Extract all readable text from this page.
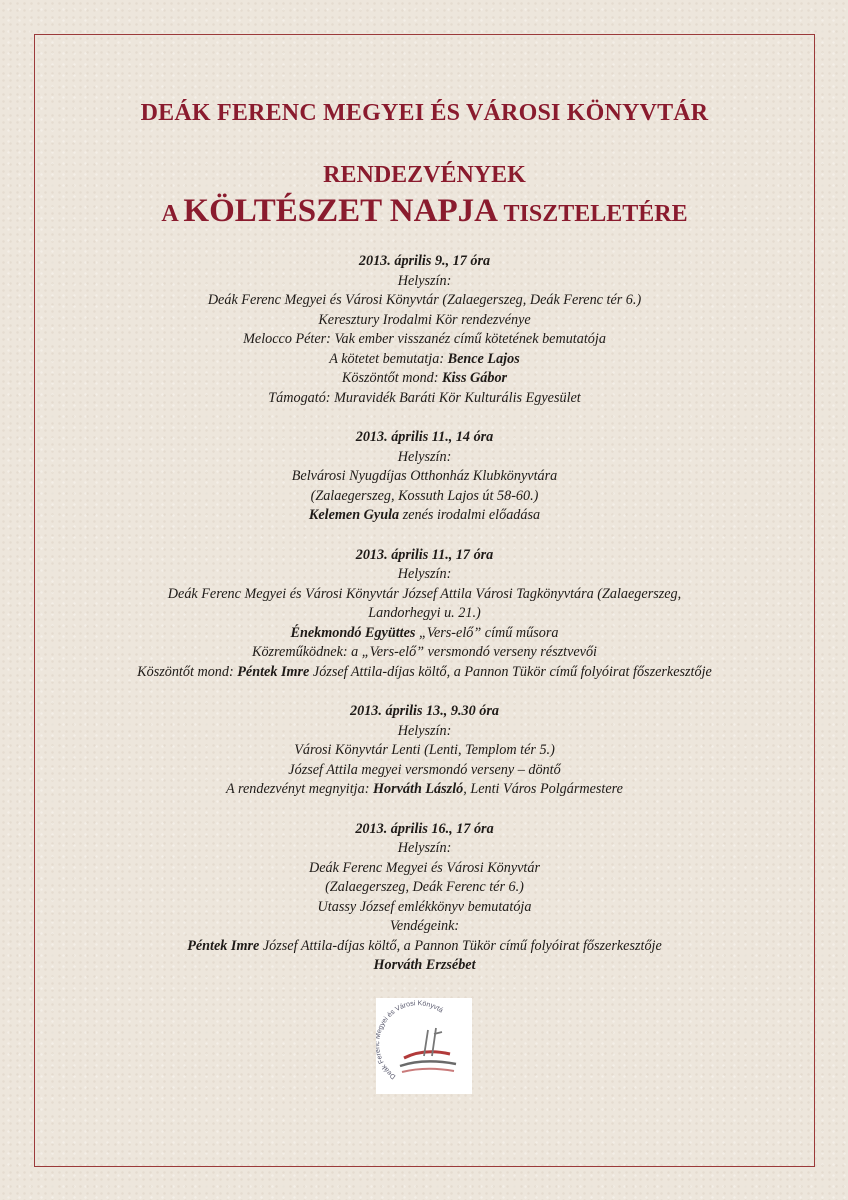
DEÁK FERENC MEGYEI ÉS VÁROSI KÖNYVTÁR
RENDEZVÉNYEK
A KÖLTÉSZET NAPJA TISZTELETÉRE
2013. április 9., 17 óra
Helyszín:
Deák Ferenc Megyei és Városi Könyvtár (Zalaegerszeg, Deák Ferenc tér 6.)
Keresztury Irodalmi Kör rendezvénye
Melocco Péter: Vak ember visszanéz című kötetének bemutatója
A kötetet bemutatja: Bence Lajos
Köszöntőt mond: Kiss Gábor
Támogató: Muravidék Baráti Kör Kulturális Egyesület
2013. április 11., 14 óra
Helyszín:
Belvárosi Nyugdíjas Otthonház Klubkönyvtára
(Zalaegerszeg, Kossuth Lajos út 58-60.)
Kelemen Gyula zenés irodalmi előadása
2013. április 11., 17 óra
Helyszín:
Deák Ferenc Megyei és Városi Könyvtár József Attila Városi Tagkönyvtára (Zalaegerszeg,
Landorhegyi u. 21.)
Énekmondó Együttes „Vers-elő” című műsora
Közreműködnek: a „Vers-elő” versmondó verseny résztvevői
Köszöntőt mond: Péntek Imre József Attila-díjas költő, a Pannon Tükör című folyóirat főszerkesztője
2013. április 13., 9.30 óra
Helyszín:
Városi Könyvtár Lenti (Lenti, Templom tér 5.)
József Attila megyei versmondó verseny – döntő
A rendezvényt megnyitja: Horváth László, Lenti Város Polgármestere
2013. április 16., 17 óra
Helyszín:
Deák Ferenc Megyei és Városi Könyvtár
(Zalaegerszeg, Deák Ferenc tér 6.)
Utassy József emlékkönyv bemutatója
Vendégeink:
Péntek Imre József Attila-díjas költő, a Pannon Tükör című folyóirat főszerkesztője
Horváth Erzsébet
Deák Fer egyei és Városi Könyvtá
